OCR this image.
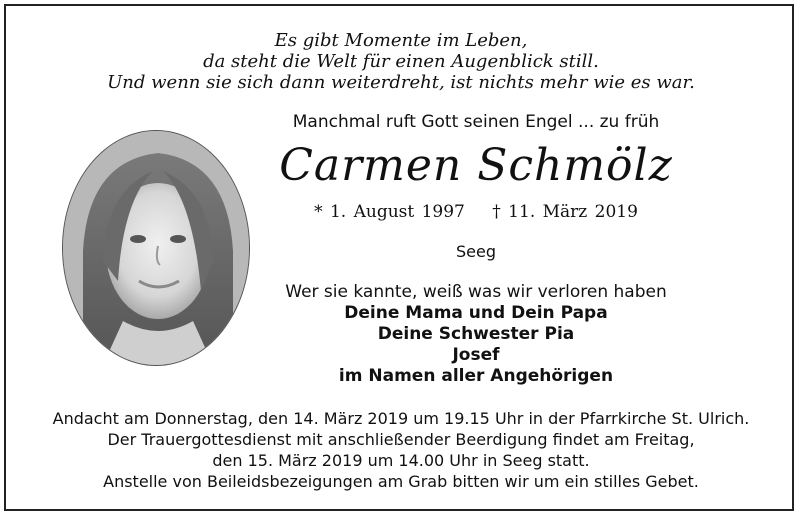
Es gibt Momente im Leben,
da steht die Welt für einen Augenblick still.
Und wenn sie sich dann weiterdreht, ist nichts mehr wie es war.
Manchmal ruft Gott seinen Engel ... zu früh
Carmen Schmölz
* 1. August 1997 † 11. März 2019
Seeg
Wer sie kannte, weiß was wir verloren haben
Deine Mama und Dein Papa
Deine Schwester Pia
Josef
im Namen aller Angehörigen
Andacht am Donnerstag, den 14. März 2019 um 19.15 Uhr in der Pfarrkirche St. Ulrich.
Der Trauergottesdienst mit anschließender Beerdigung findet am Freitag,
den 15. März 2019 um 14.00 Uhr in Seeg statt.
Anstelle von Beileidsbezeigungen am Grab bitten wir um ein stilles Gebet.
